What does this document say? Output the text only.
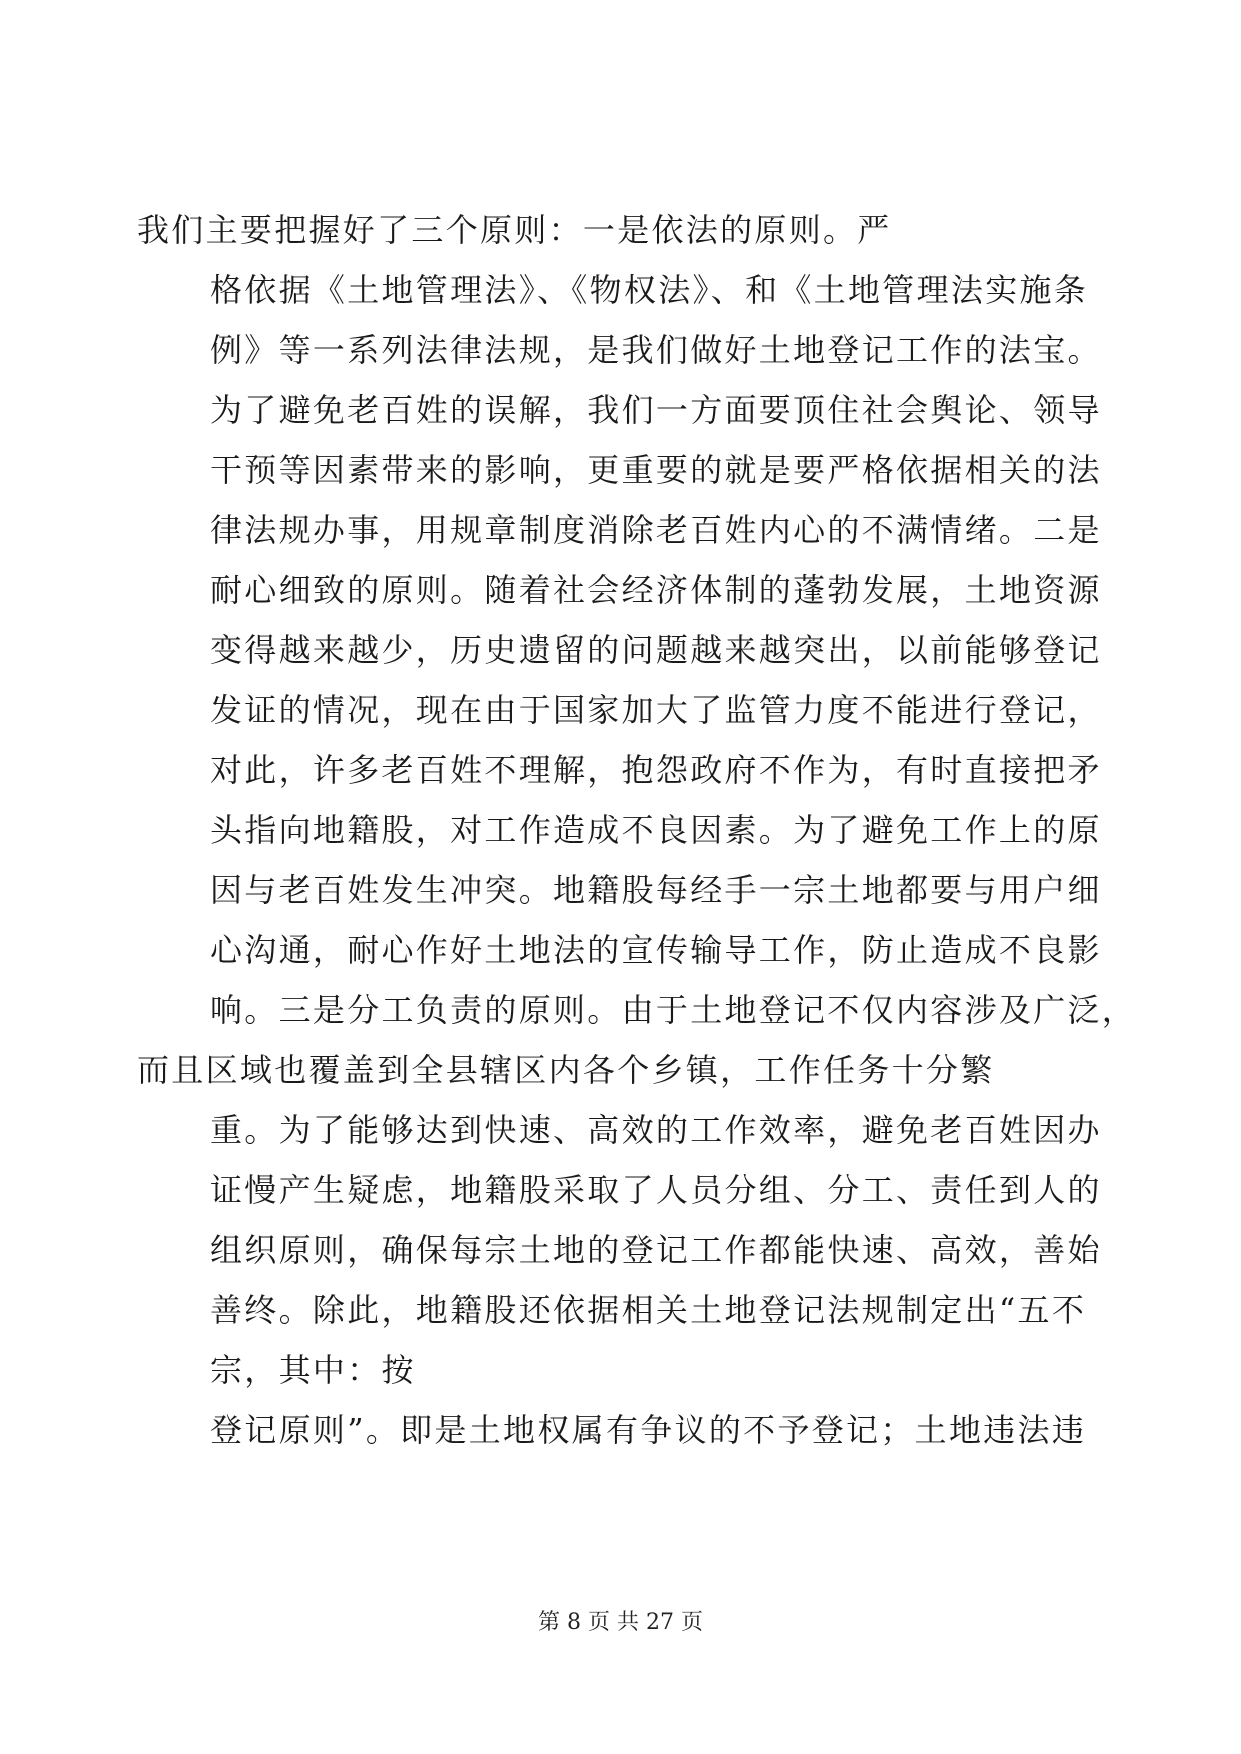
我们主要把握好了三个原则：一是依法的原则。严
格依据《土地管理法》、《物权法》、和《土地管理法实施条
例》等一系列法律法规，是我们做好土地登记工作的法宝。
为了避免老百姓的误解，我们一方面要顶住社会舆论、领导
干预等因素带来的影响，更重要的就是要严格依据相关的法
律法规办事，用规章制度消除老百姓内心的不满情绪。二是
耐心细致的原则。随着社会经济体制的蓬勃发展，土地资源
变得越来越少，历史遗留的问题越来越突出，以前能够登记
发证的情况，现在由于国家加大了监管力度不能进行登记，
对此，许多老百姓不理解，抱怨政府不作为，有时直接把矛
头指向地籍股，对工作造成不良因素。为了避免工作上的原
因与老百姓发生冲突。地籍股每经手一宗土地都要与用户细
心沟通，耐心作好土地法的宣传输导工作，防止造成不良影
响。三是分工负责的原则。由于土地登记不仅内容涉及广泛，
而且区域也覆盖到全县辖区内各个乡镇，工作任务十分繁
重。为了能够达到快速、高效的工作效率，避免老百姓因办
证慢产生疑虑，地籍股采取了人员分组、分工、责任到人的
组织原则，确保每宗土地的登记工作都能快速、高效，善始
善终。除此，地籍股还依据相关土地登记法规制定出“五不
宗，其中：按
登记原则”。即是土地权属有争议的不予登记；土地违法违
第 8 页 共 27 页
